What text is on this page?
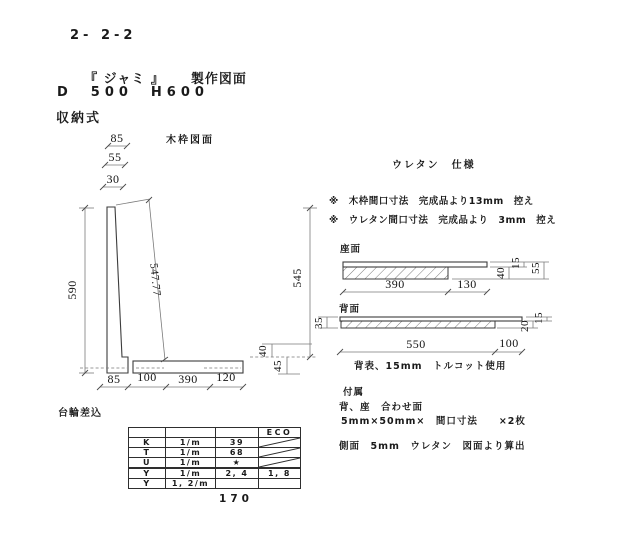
2- 2-2

『 ジャミ 』 製作図面

D　500　H600
収納式
木枠図面
台輪差込
ウレタン　仕様
※　木枠間口寸法　完成品より13mm　控え
※　ウレタン間口寸法　完成品より　3mm　控え
座面
背面
背表、15mm　トルコット使用
付属
背、座　合わせ面
5mm×50mm×　間口寸法　　×2枚
側面　5mm　ウレタン　図面より算出
170
85
55
30
590	547.77
85 100 390 120
40
45
545	390	130
40
15 55
550	100
35	20
15
			ECO
K	1/m	39	

T	1/m	68	

U	1/m	★	

Y	1/m	2, 4	1, 8
Y	1, 2/m		
